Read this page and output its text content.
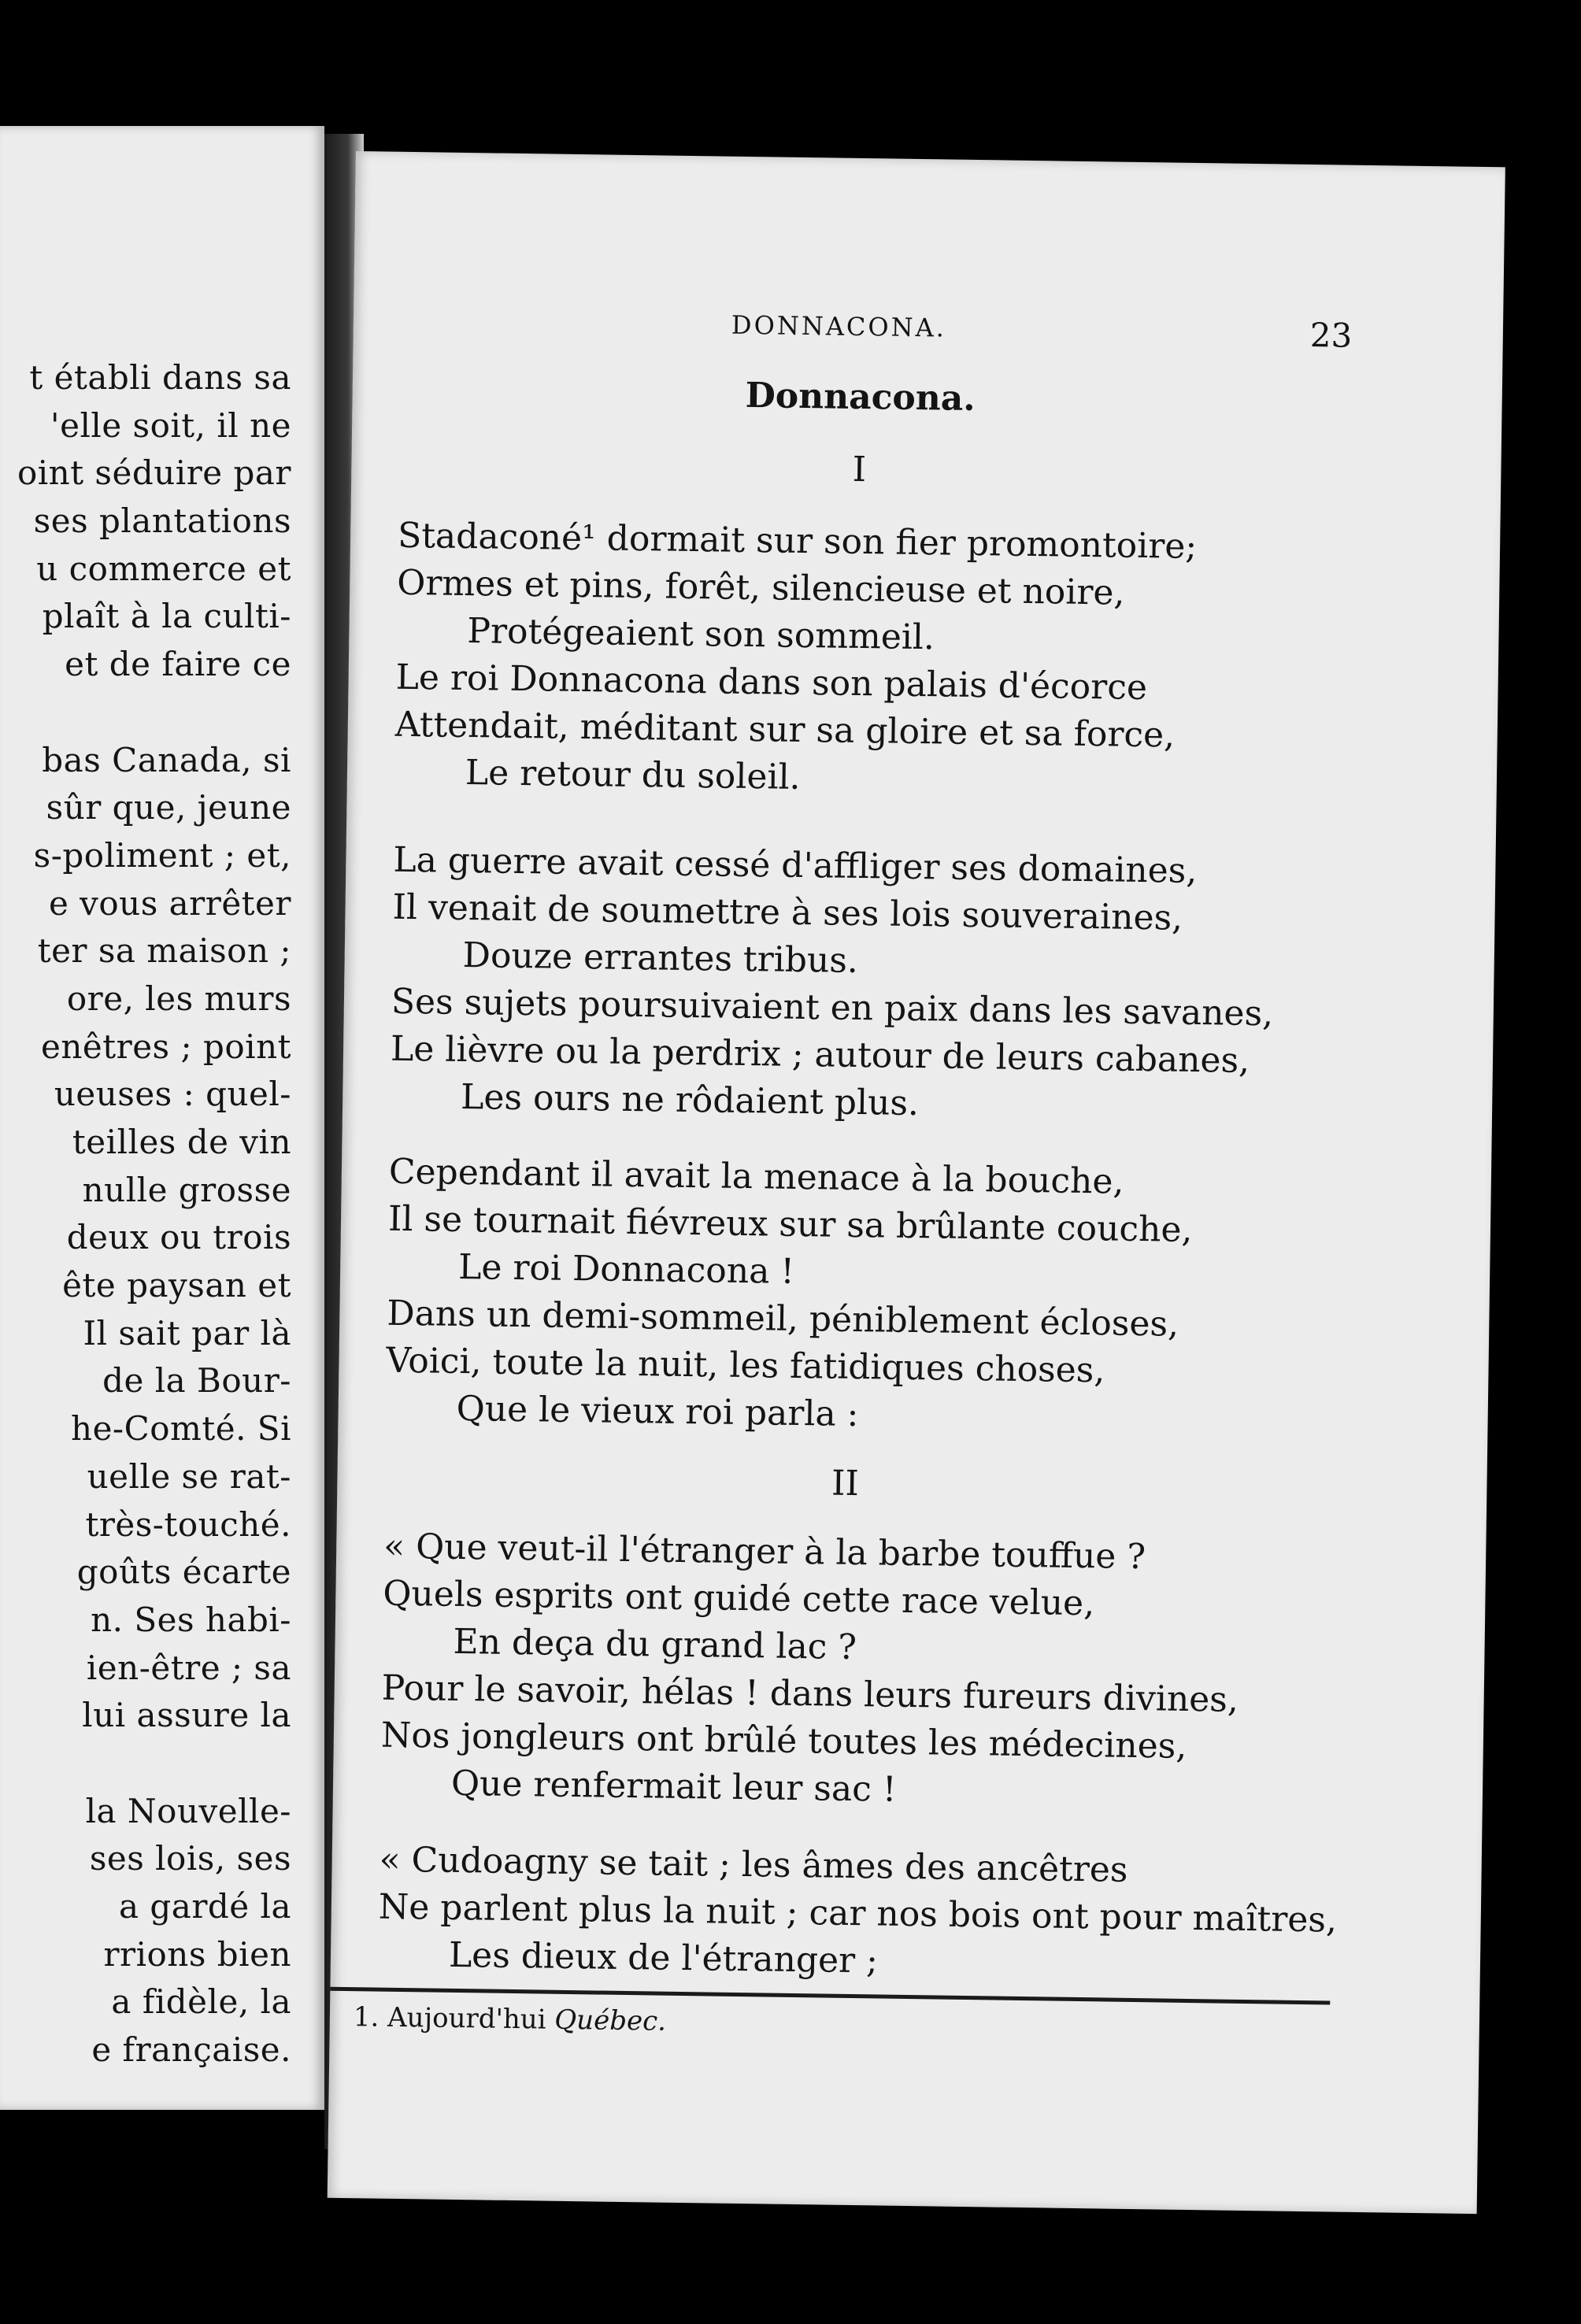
t établi dans sa
'elle soit, il ne
oint séduire par
ses plantations
u commerce et
plaît à la culti-
et de faire ce
bas Canada, si
sûr que, jeune
s-poliment ; et,
e vous arrêter
ter sa maison ;
ore, les murs
enêtres ; point
ueuses : quel-
teilles de vin
nulle grosse
deux ou trois
ête paysan et
Il sait par là
de la Bour-
he-Comté. Si
uelle se rat-
très-touché.
goûts écarte
n. Ses habi-
ien-être ; sa
lui assure la
la Nouvelle-
ses lois, ses
a gardé la
rrions bien
a fidèle, la
e française.
DONNACONA.	23
Donnacona.
I
Stadaconé¹ dormait sur son fier promontoire;
Ormes et pins, forêt, silencieuse et noire,
Protégeaient son sommeil.
Le roi Donnacona dans son palais d'écorce
Attendait, méditant sur sa gloire et sa force,
Le retour du soleil.
La guerre avait cessé d'affliger ses domaines,
Il venait de soumettre à ses lois souveraines,
Douze errantes tribus.
Ses sujets poursuivaient en paix dans les savanes,
Le lièvre ou la perdrix ; autour de leurs cabanes,
Les ours ne rôdaient plus.
Cependant il avait la menace à la bouche,
Il se tournait fiévreux sur sa brûlante couche,
Le roi Donnacona !
Dans un demi-sommeil, péniblement écloses,
Voici, toute la nuit, les fatidiques choses,
Que le vieux roi parla :
II
« Que veut-il l'étranger à la barbe touffue ?
Quels esprits ont guidé cette race velue,
En deça du grand lac ?
Pour le savoir, hélas ! dans leurs fureurs divines,
Nos jongleurs ont brûlé toutes les médecines,
Que renfermait leur sac !
« Cudoagny se tait ; les âmes des ancêtres
Ne parlent plus la nuit ; car nos bois ont pour maîtres,
Les dieux de l'étranger ;
1. Aujourd'hui Québec.
